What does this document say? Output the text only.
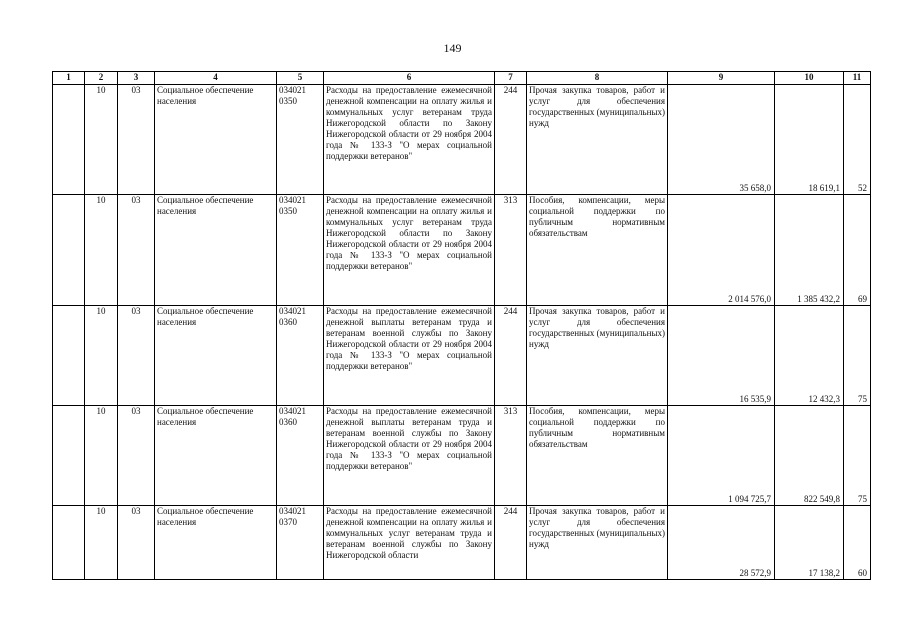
149
1	2	3	4	5	6	7	8	9	10	11
	10	03	Социальное обеспечение населения	034021 0350	Расходы на предоставление ежемесячной денежной компенсации на оплату жилья и коммунальных услуг ветеранам труда Нижегородской области по Закону Нижегородской области от 29 ноября 2004 года № 133-З "О мерах социальной поддержки ветеранов"	244	Прочая закупка товаров, работ и услуг для обеспечения государственных (муниципальных) нужд	35 658,0	18 619,1	52
	10	03	Социальное обеспечение населения	034021 0350	Расходы на предоставление ежемесячной денежной компенсации на оплату жилья и коммунальных услуг ветеранам труда Нижегородской области по Закону Нижегородской области от 29 ноября 2004 года № 133-З "О мерах социальной поддержки ветеранов"	313	Пособия, компенсации, меры социальной поддержки по публичным нормативным обязательствам	2 014 576,0	1 385 432,2	69
	10	03	Социальное обеспечение населения	034021 0360	Расходы на предоставление ежемесячной денежной выплаты ветеранам труда и ветеранам военной службы по Закону Нижегородской области от 29 ноября 2004 года № 133-З "О мерах социальной поддержки ветеранов"	244	Прочая закупка товаров, работ и услуг для обеспечения государственных (муниципальных) нужд	16 535,9	12 432,3	75
	10	03	Социальное обеспечение населения	034021 0360	Расходы на предоставление ежемесячной денежной выплаты ветеранам труда и ветеранам военной службы по Закону Нижегородской области от 29 ноября 2004 года № 133-З "О мерах социальной поддержки ветеранов"	313	Пособия, компенсации, меры социальной поддержки по публичным нормативным обязательствам	1 094 725,7	822 549,8	75
	10	03	Социальное обеспечение населения	034021 0370	Расходы на предоставление ежемесячной денежной компенсации на оплату жилья и коммунальных услуг ветеранам труда и ветеранам военной службы по Закону Нижегородской области	244	Прочая закупка товаров, работ и услуг для обеспечения государственных (муниципальных) нужд	28 572,9	17 138,2	60
